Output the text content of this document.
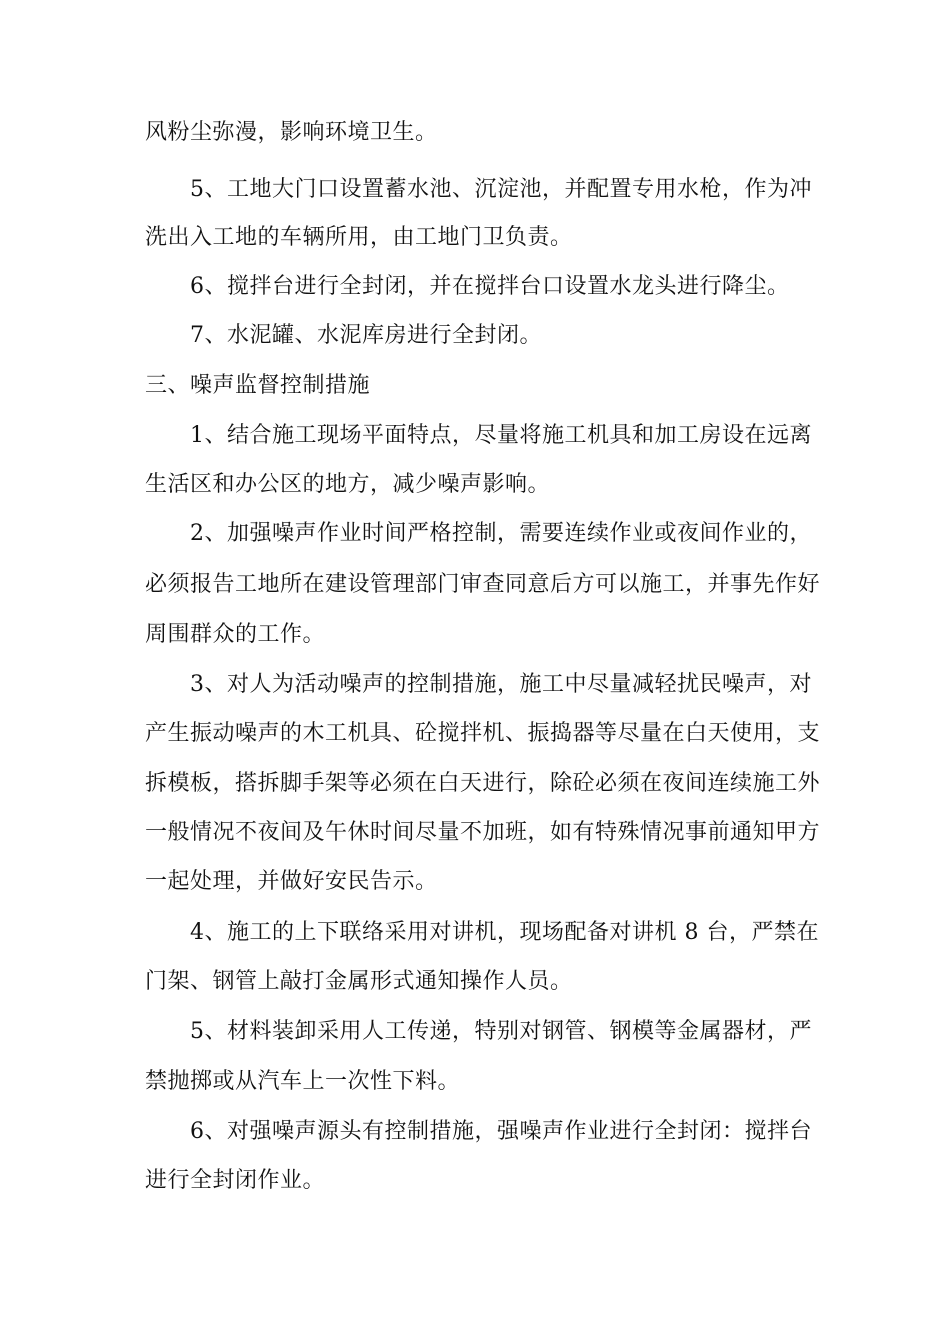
风粉尘弥漫，影响环境卫生。
5、工地大门口设置蓄水池、沉淀池，并配置专用水枪，作为冲
洗出入工地的车辆所用，由工地门卫负责。
6、搅拌台进行全封闭，并在搅拌台口设置水龙头进行降尘。
7、水泥罐、水泥库房进行全封闭。
三、噪声监督控制措施
1、结合施工现场平面特点，尽量将施工机具和加工房设在远离
生活区和办公区的地方，减少噪声影响。
2、加强噪声作业时间严格控制，需要连续作业或夜间作业的，
必须报告工地所在建设管理部门审查同意后方可以施工，并事先作好
周围群众的工作。
3、对人为活动噪声的控制措施，施工中尽量减轻扰民噪声，对
产生振动噪声的木工机具、砼搅拌机、振捣器等尽量在白天使用，支
拆模板，搭拆脚手架等必须在白天进行，除砼必须在夜间连续施工外
一般情况不夜间及午休时间尽量不加班，如有特殊情况事前通知甲方
一起处理，并做好安民告示。
4、施工的上下联络采用对讲机，现场配备对讲机 8 台，严禁在
门架、钢管上敲打金属形式通知操作人员。
5、材料装卸采用人工传递，特别对钢管、钢模等金属器材，严
禁抛掷或从汽车上一次性下料。
6、对强噪声源头有控制措施，强噪声作业进行全封闭：搅拌台
进行全封闭作业。
